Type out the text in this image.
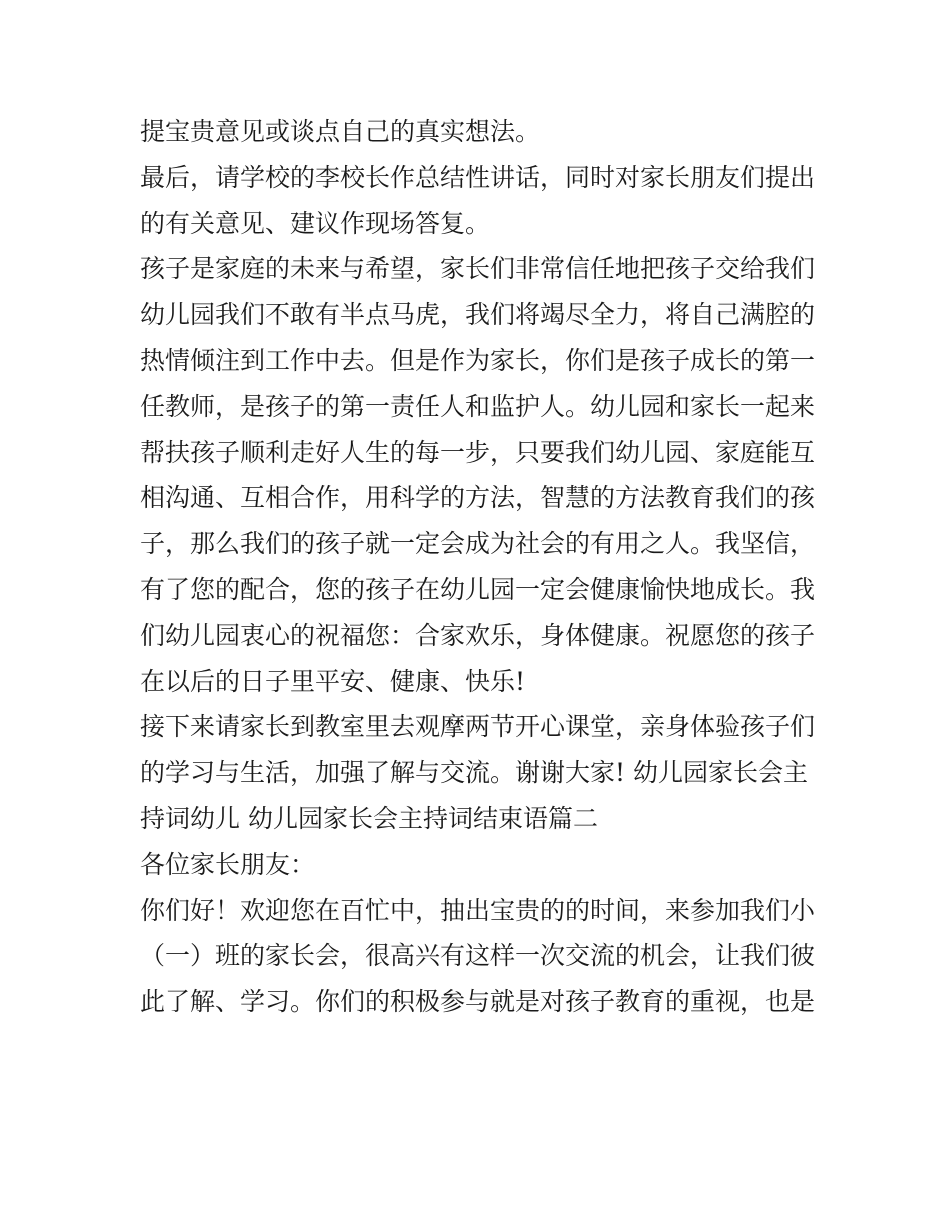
提宝贵意见或谈点自己的真实想法。
最后，请学校的李校长作总结性讲话，同时对家长朋友们提出
的有关意见、建议作现场答复。
孩子是家庭的未来与希望，家长们非常信任地把孩子交给我们
幼儿园我们不敢有半点马虎，我们将竭尽全力，将自己满腔的
热情倾注到工作中去。但是作为家长，你们是孩子成长的第一
任教师，是孩子的第一责任人和监护人。幼儿园和家长一起来
帮扶孩子顺利走好人生的每一步，只要我们幼儿园、家庭能互
相沟通、互相合作，用科学的方法，智慧的方法教育我们的孩
子，那么我们的孩子就一定会成为社会的有用之人。我坚信，
有了您的配合，您的孩子在幼儿园一定会健康愉快地成长。我
们幼儿园衷心的祝福您：合家欢乐，身体健康。祝愿您的孩子
在以后的日子里平安、健康、快乐!
接下来请家长到教室里去观摩两节开心课堂，亲身体验孩子们
的学习与生活，加强了解与交流。谢谢大家! 幼儿园家长会主
持词幼儿 幼儿园家长会主持词结束语篇二
各位家长朋友：
你们好！欢迎您在百忙中，抽出宝贵的的时间，来参加我们小
（一）班的家长会，很高兴有这样一次交流的机会，让我们彼
此了解、学习。你们的积极参与就是对孩子教育的重视，也是
